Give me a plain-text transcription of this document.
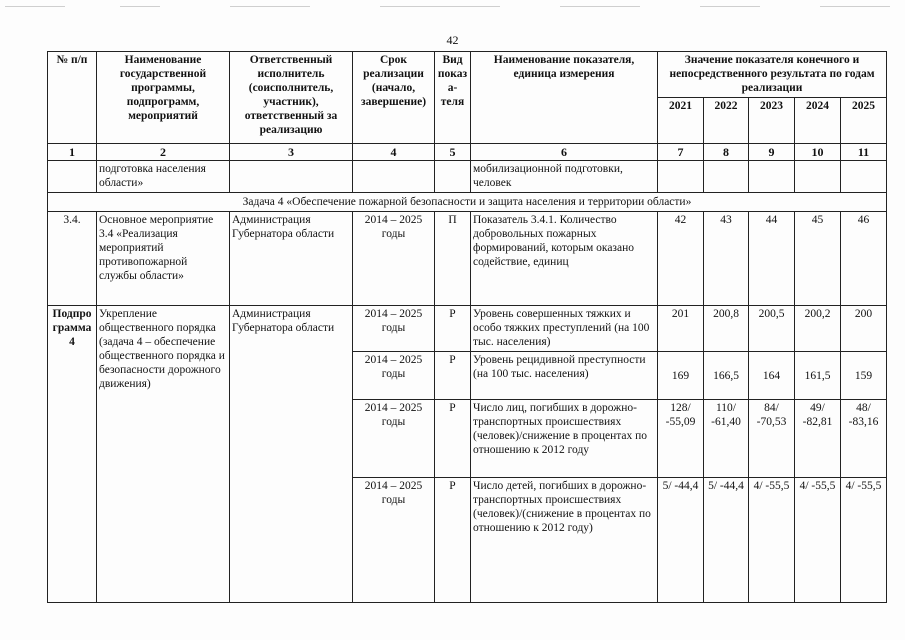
42
№ п/п	Наименование государственной программы, подпрограмм, мероприятий	Ответственный исполнитель (соисполнитель, участник), ответственный за реализацию	Срок реализации (начало, завершение)	Вид показа-теля	Наименование показателя, единица измерения	Значение показателя конечного и непосредственного результата по годам реализации				
						2021	2022	2023	2024	2025
1	2	3	4	5	6	7	8	9	10	11
	подготовка населения области»				мобилизационной подготовки, человек					
Задача 4 «Обеспечение пожарной безопасности и защита населения и территории области»										
3.4.	Основное мероприятие 3.4 «Реализация мероприятий противопожарной службы области»	Администрация Губернатора области	2014 – 2025 годы	П	Показатель 3.4.1. Количество добровольных пожарных формирований, которым оказано содействие, единиц	42	43	44	45	46
Подпро грамма 4	Укрепление общественного порядка (задача 4 – обеспечение общественного порядка и безопасности дорожного движения)	Администрация Губернатора области	2014 – 2025 годы	Р	Уровень совершенных тяжких и особо тяжких преступлений (на 100 тыс. населения)	201	200,8	200,5	200,2	200
			2014 – 2025 годы	Р	Уровень рецидивной преступности (на 100 тыс. населения)	169	166,5	164	161,5	159
			2014 – 2025 годы	Р	Число лиц, погибших в дорожно-транспортных происшествиях (человек)/снижение в процентах по отношению к 2012 году	128/ -55,09	110/ -61,40	84/ -70,53	49/ -82,81	48/ -83,16
			2014 – 2025 годы	Р	Число детей, погибших в дорожно-транспортных происшествиях (человек)/(снижение в процентах по отношению к 2012 году)	5/ -44,4	5/ -44,4	4/ -55,5	4/ -55,5	4/ -55,5
